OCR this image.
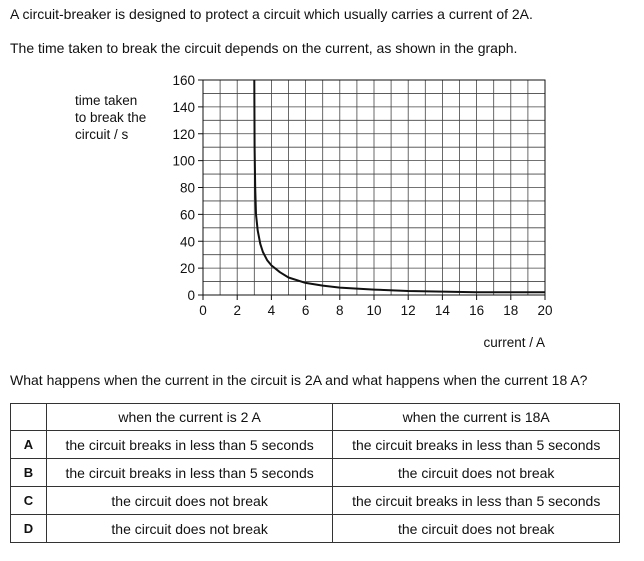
A circuit-breaker is designed to protect a circuit which usually carries a current of 2A.
The time taken to break the circuit depends on the current, as shown in the graph.
time taken
to break the
circuit / s
0
20
40
60
80
100
120
140
160
0 2 4 6 8 10 12 14 16 18 20
current / A
What happens when the current in the circuit is 2A and what happens when the current 18 A?
	when the current is 2 A	when the current is 18A
A	the circuit breaks in less than 5 seconds	the circuit breaks in less than 5 seconds
B	the circuit breaks in less than 5 seconds	the circuit does not break
C	the circuit does not break	the circuit breaks in less than 5 seconds
D	the circuit does not break	the circuit does not break
